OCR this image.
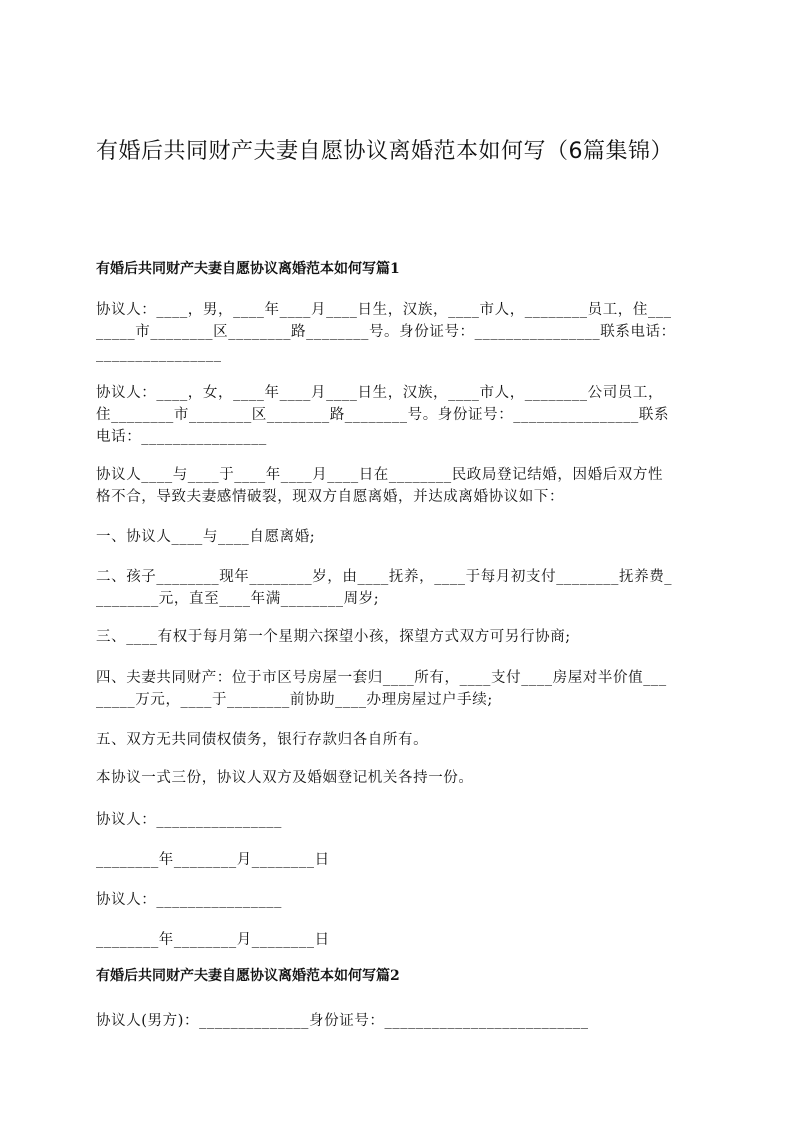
有婚后共同财产夫妻自愿协议离婚范本如何写（6篇集锦）
有婚后共同财产夫妻自愿协议离婚范本如何写篇1
协议人：____，男，____年____月____日生，汉族，____市人，________员工，住___
_____市________区________路________号。身份证号：________________联系电话：
________________
协议人：____，女，____年____月____日生，汉族，____市人，________公司员工，
住________市________区________路________号。身份证号：________________联系
电话：________________
协议人____与____于____年____月____日在________民政局登记结婚，因婚后双方性
格不合，导致夫妻感情破裂，现双方自愿离婚，并达成离婚协议如下：
一、协议人____与____自愿离婚;
二、孩子________现年________岁，由____抚养，____于每月初支付________抚养费_
________元，直至____年满________周岁;
三、____有权于每月第一个星期六探望小孩，探望方式双方可另行协商;
四、夫妻共同财产：位于市区号房屋一套归____所有，____支付____房屋对半价值___
_____万元，____于________前协助____办理房屋过户手续;
五、双方无共同债权债务，银行存款归各自所有。
本协议一式三份，协议人双方及婚姻登记机关各持一份。
协议人：________________
________年________月________日
协议人：________________
________年________月________日
有婚后共同财产夫妻自愿协议离婚范本如何写篇2
协议人(男方)：______________身份证号：__________________________
